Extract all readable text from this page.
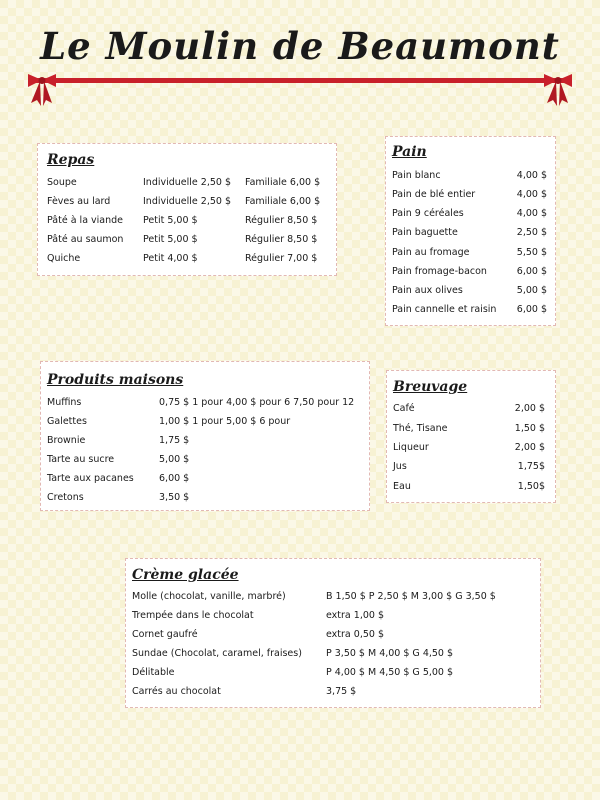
Le Moulin de Beaumont
Repas
Soupe	Individuelle 2,50 $ Familiale 6,00 $
Fèves au lard	Individuelle 2,50 $ Familiale 6,00 $
Pâté à la viande Petit 5,00 $	Régulier 8,50 $
Pâté au saumon Petit 5,00 $	Régulier 8,50 $
Quiche	Petit 4,00 $	Régulier 7,00 $
Pain
Pain blanc	4,00 $
Pain de blé entier	4,00 $
Pain 9 céréales	4,00 $
Pain baguette	2,50 $
Pain au fromage	5,50 $
Pain fromage-bacon	6,00 $
Pain aux olives	5,00 $
Pain cannelle et raisin 6,00 $
Produits maisons
Muffins	0,75 $ 1 pour 4,00 $ pour 6 7,50 pour 12
Galettes	1,00 $ 1 pour 5,00 $ 6 pour
Brownie	1,75 $
Tarte au sucre	5,00 $
Tarte aux pacanes	6,00 $
Cretons	3,50 $
Breuvage
Café	2,00 $
Thé, Tisane	1,50 $
Liqueur	2,00 $
Jus	1,75$
Eau	1,50$
Crème glacée
Molle (chocolat, vanille, marbré)	B 1,50 $ P 2,50 $ M 3,00 $ G 3,50 $
Trempée dans le chocolat	extra 1,00 $
Cornet gaufré	extra 0,50 $
Sundae (Chocolat, caramel, fraises)	P 3,50 $ M 4,00 $ G 4,50 $
Délitable	P 4,00 $ M 4,50 $ G 5,00 $
Carrés au chocolat	3,75 $
